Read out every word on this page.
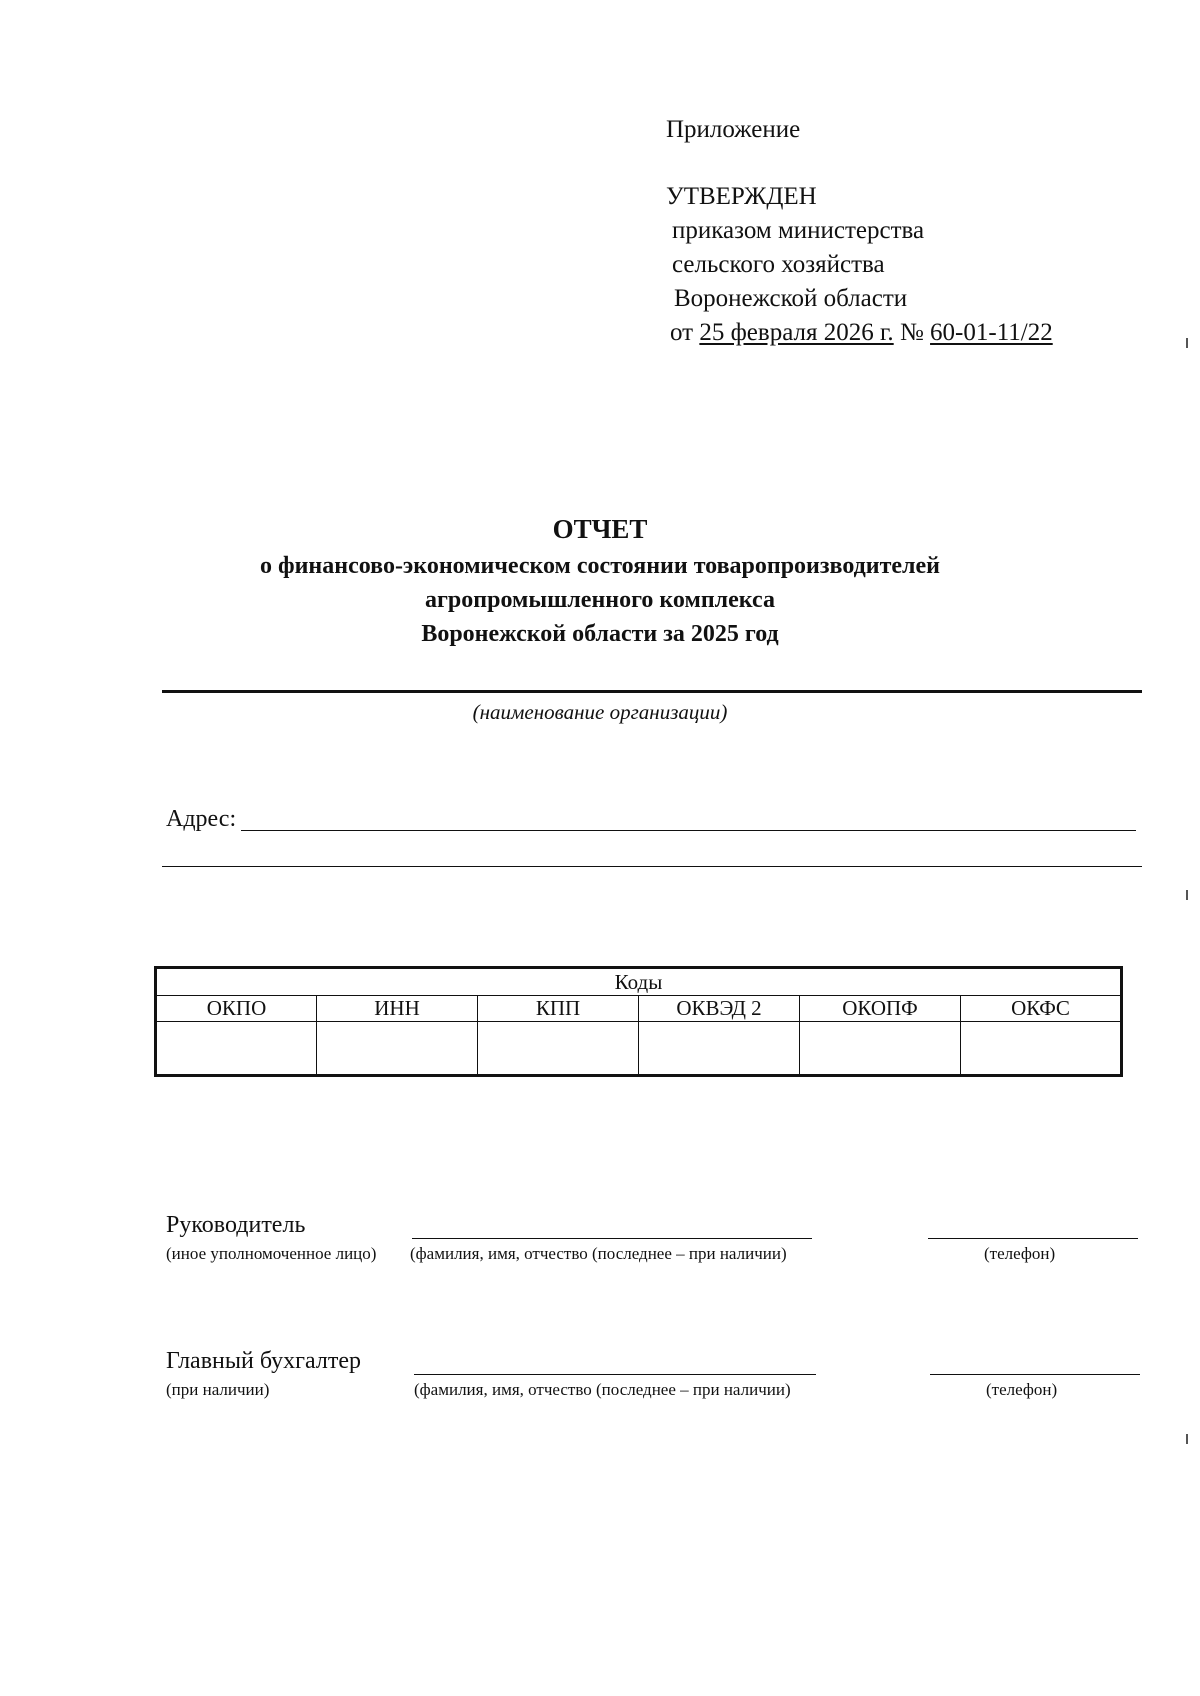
Приложение
УТВЕРЖДЕН
приказом министерства
сельского хозяйства
Воронежской области
от 25 февраля 2026 г. № 60-01-11/22
ОТЧЕТ
о финансово-экономическом состоянии товаропроизводителей
агропромышленного комплекса
Воронежской области за 2025 год
(наименование организации)
Адрес:
Коды					
ОКПО	ИНН	КПП	ОКВЭД 2	ОКОПФ	ОКФС

Руководитель
(иное уполномоченное лицо) (фамилия, имя, отчество (последнее – при наличии)	(телефон)
Главный бухгалтер
(при наличии)	(фамилия, имя, отчество (последнее – при наличии)	(телефон)
